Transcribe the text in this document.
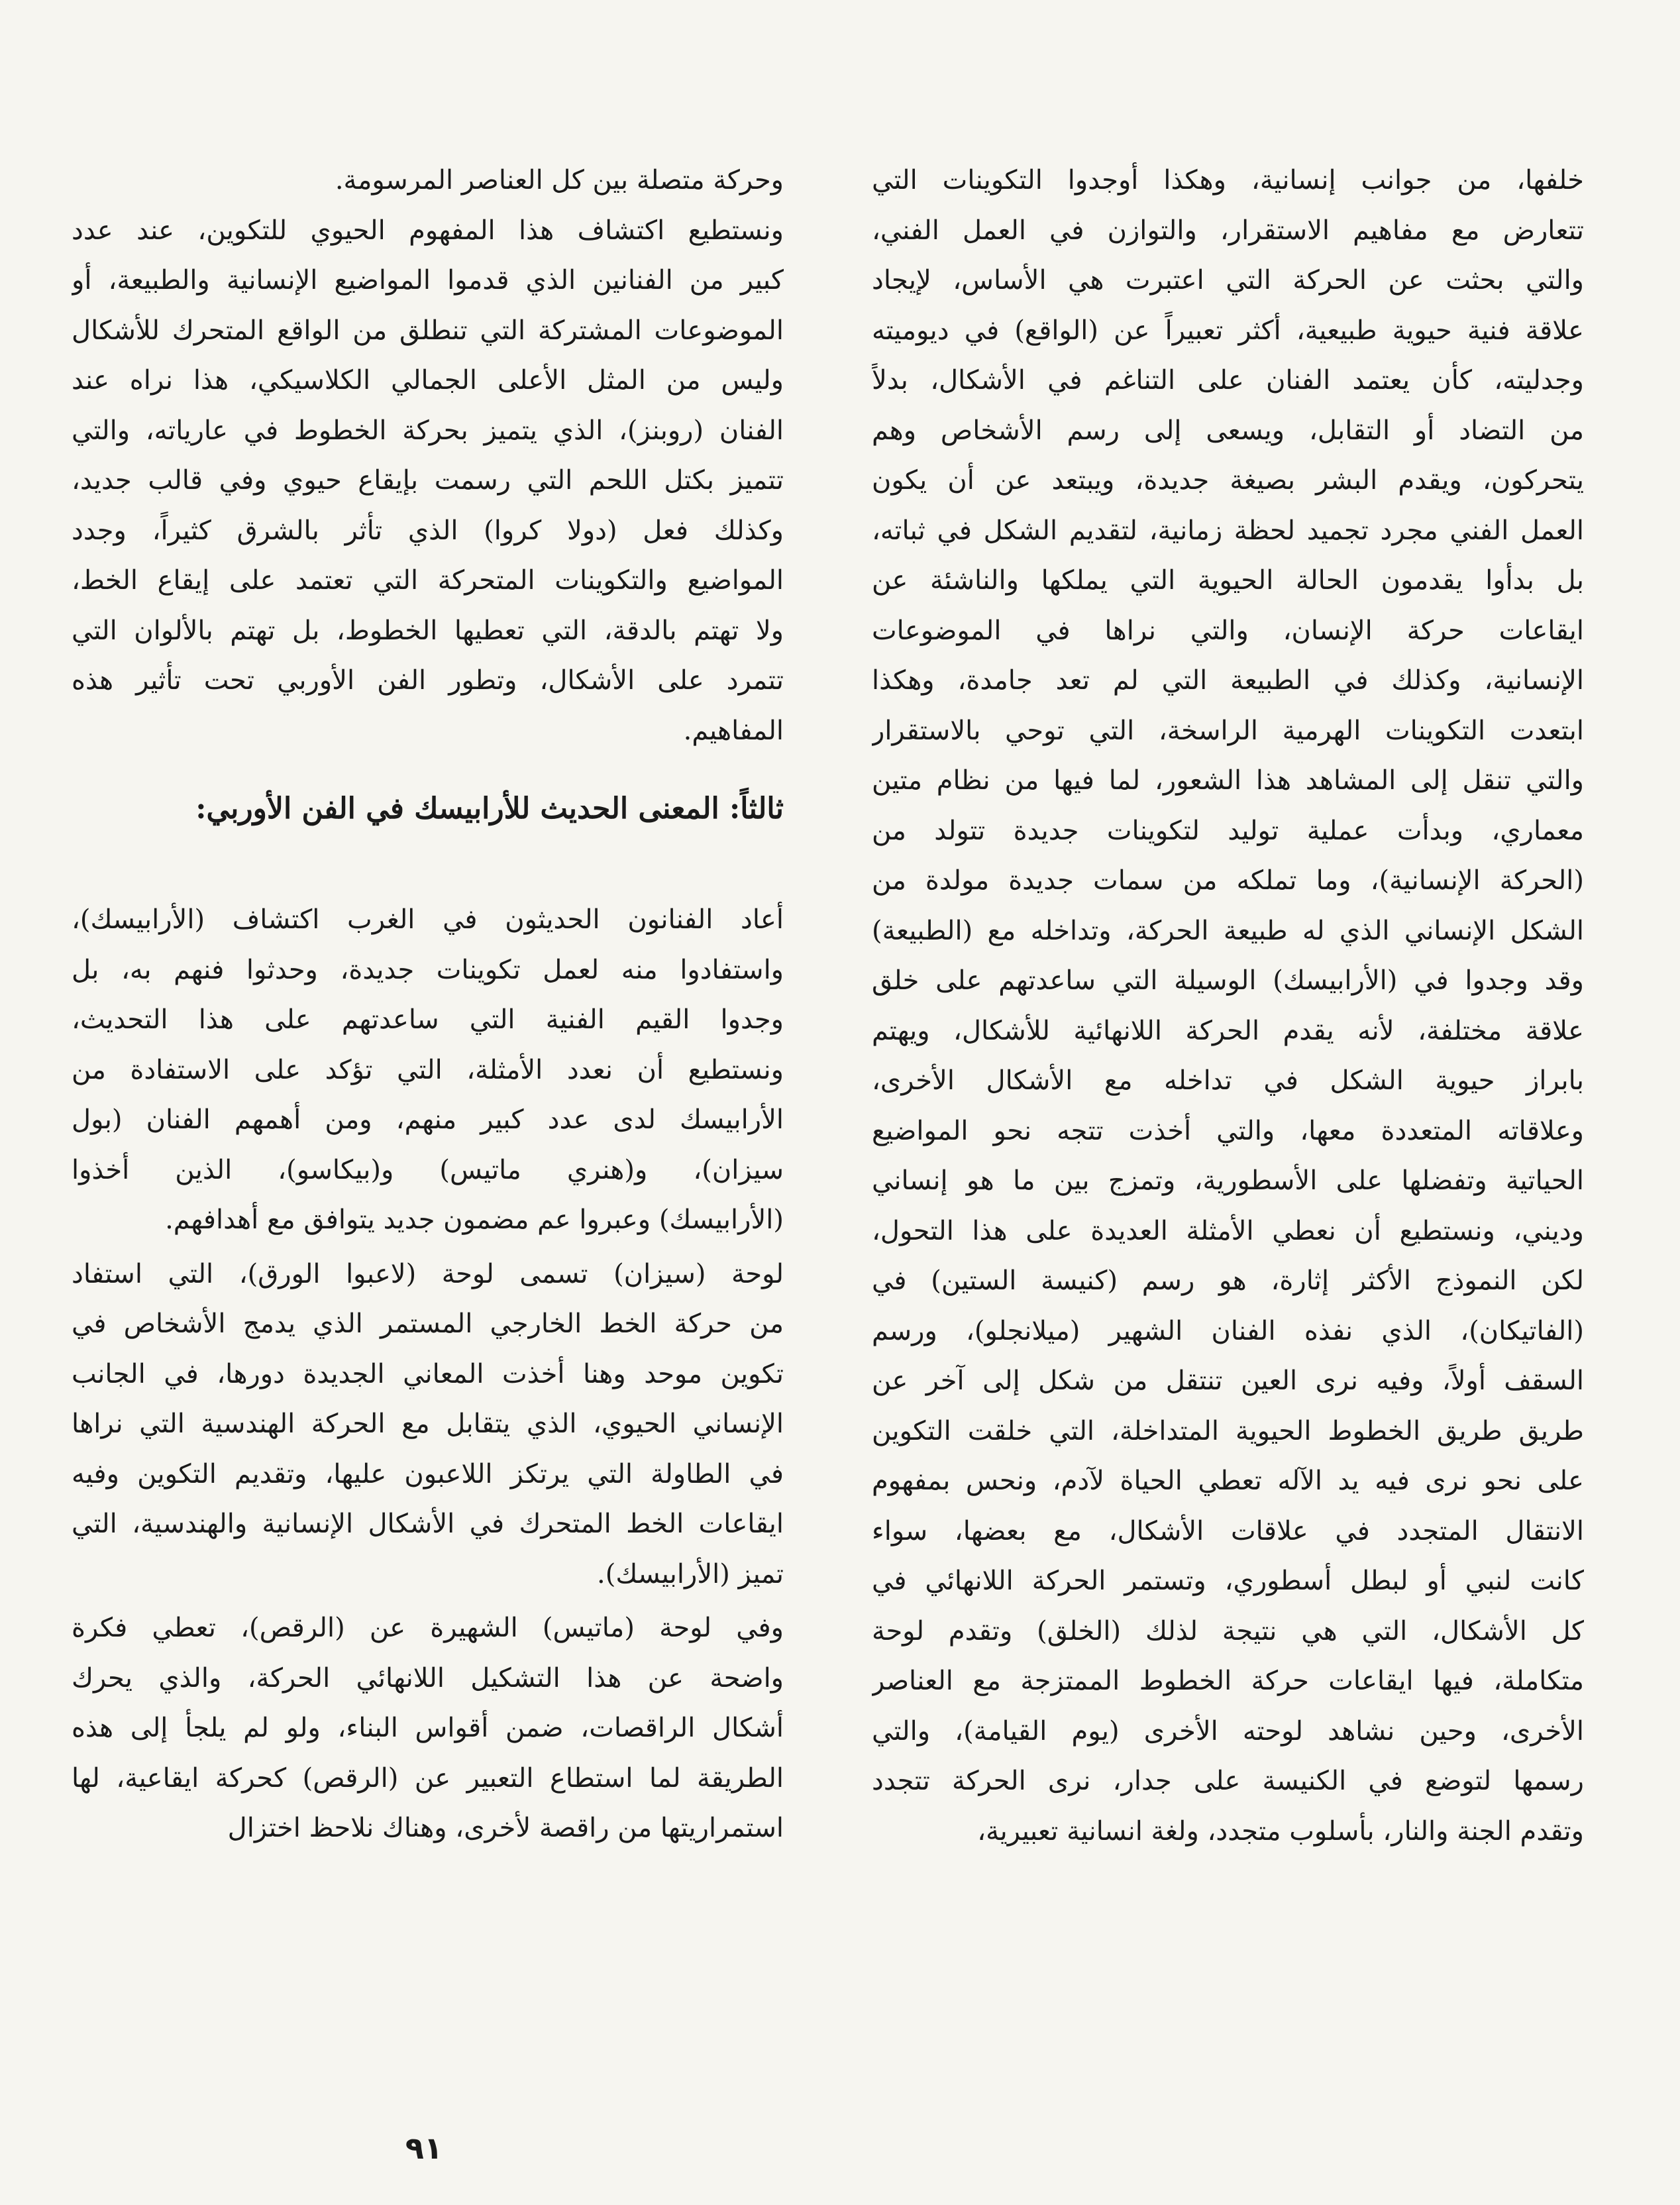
خلفها، من جوانب إنسانية، وهكذا أوجدوا التكوينات التي
تتعارض مع مفاهيم الاستقرار، والتوازن في العمل الفني،
والتي بحثت عن الحركة التي اعتبرت هي الأساس، لإيجاد
علاقة فنية حيوية طبيعية، أكثر تعبيراً عن (الواقع) في ديوميته
وجدليته، كأن يعتمد الفنان على التناغم في الأشكال، بدلاً
من التضاد أو التقابل، ويسعى إلى رسم الأشخاص وهم
يتحركون، ويقدم البشر بصيغة جديدة، ويبتعد عن أن يكون
العمل الفني مجرد تجميد لحظة زمانية، لتقديم الشكل في ثباته،
بل بدأوا يقدمون الحالة الحيوية التي يملكها والناشئة عن
ايقاعات حركة الإنسان، والتي نراها في الموضوعات
الإنسانية، وكذلك في الطبيعة التي لم تعد جامدة، وهكذا
ابتعدت التكوينات الهرمية الراسخة، التي توحي بالاستقرار
والتي تنقل إلى المشاهد هذا الشعور، لما فيها من نظام متين
معماري، وبدأت عملية توليد لتكوينات جديدة تتولد من
(الحركة الإنسانية)، وما تملكه من سمات جديدة مولدة من
الشكل الإنساني الذي له طبيعة الحركة، وتداخله مع (الطبيعة)
وقد وجدوا في (الأرابيسك) الوسيلة التي ساعدتهم على خلق
علاقة مختلفة، لأنه يقدم الحركة اللانهائية للأشكال، ويهتم
بابراز حيوية الشكل في تداخله مع الأشكال الأخرى،
وعلاقاته المتعددة معها، والتي أخذت تتجه نحو المواضيع
الحياتية وتفضلها على الأسطورية، وتمزج بين ما هو إنساني
وديني، ونستطيع أن نعطي الأمثلة العديدة على هذا التحول،
لكن النموذج الأكثر إثارة، هو رسم (كنيسة الستين) في
(الفاتيكان)، الذي نفذه الفنان الشهير (ميلانجلو)، ورسم
السقف أولاً، وفيه نرى العين تنتقل من شكل إلى آخر عن
طريق طريق الخطوط الحيوية المتداخلة، التي خلقت التكوين
على نحو نرى فيه يد الآله تعطي الحياة لآدم، ونحس بمفهوم
الانتقال المتجدد في علاقات الأشكال، مع بعضها، سواء
كانت لنبي أو لبطل أسطوري، وتستمر الحركة اللانهائي في
كل الأشكال، التي هي نتيجة لذلك (الخلق) وتقدم لوحة
متكاملة، فيها ايقاعات حركة الخطوط الممتزجة مع العناصر
الأخرى، وحين نشاهد لوحته الأخرى (يوم القيامة)، والتي
رسمها لتوضع في الكنيسة على جدار، نرى الحركة تتجدد
وتقدم الجنة والنار، بأسلوب متجدد، ولغة انسانية تعبيرية،
وحركة متصلة بين كل العناصر المرسومة.
ونستطيع اكتشاف هذا المفهوم الحيوي للتكوين، عند عدد
كبير من الفنانين الذي قدموا المواضيع الإنسانية والطبيعة، أو
الموضوعات المشتركة التي تنطلق من الواقع المتحرك للأشكال
وليس من المثل الأعلى الجمالي الكلاسيكي، هذا نراه عند
الفنان (روبنز)، الذي يتميز بحركة الخطوط في عارياته، والتي
تتميز بكتل اللحم التي رسمت بإيقاع حيوي وفي قالب جديد،
وكذلك فعل (دولا كروا) الذي تأثر بالشرق كثيراً، وجدد
المواضيع والتكوينات المتحركة التي تعتمد على إيقاع الخط،
ولا تهتم بالدقة، التي تعطيها الخطوط، بل تهتم بالألوان التي
تتمرد على الأشكال، وتطور الفن الأوربي تحت تأثير هذه
المفاهيم.
ثالثاً: المعنى الحديث للأرابيسك في الفن الأوربي:
أعاد الفنانون الحديثون في الغرب اكتشاف (الأرابيسك)،
واستفادوا منه لعمل تكوينات جديدة، وحدثوا فنهم به، بل
وجدوا القيم الفنية التي ساعدتهم على هذا التحديث،
ونستطيع أن نعدد الأمثلة، التي تؤكد على الاستفادة من
الأرابيسك لدى عدد كبير منهم، ومن أهمهم الفنان (بول
سيزان)، و(هنري ماتيس) و(بيكاسو)، الذين أخذوا
(الأرابيسك) وعبروا عم مضمون جديد يتوافق مع أهدافهم.
لوحة (سيزان) تسمى لوحة (لاعبوا الورق)، التي استفاد
من حركة الخط الخارجي المستمر الذي يدمج الأشخاص في
تكوين موحد وهنا أخذت المعاني الجديدة دورها، في الجانب
الإنساني الحيوي، الذي يتقابل مع الحركة الهندسية التي نراها
في الطاولة التي يرتكز اللاعبون عليها، وتقديم التكوين وفيه
ايقاعات الخط المتحرك في الأشكال الإنسانية والهندسية، التي
تميز (الأرابيسك).
وفي لوحة (ماتيس) الشهيرة عن (الرقص)، تعطي فكرة
واضحة عن هذا التشكيل اللانهائي الحركة، والذي يحرك
أشكال الراقصات، ضمن أقواس البناء، ولو لم يلجأ إلى هذه
الطريقة لما استطاع التعبير عن (الرقص) كحركة ايقاعية، لها
استمراريتها من راقصة لأخرى، وهناك نلاحظ اختزال
٩١
